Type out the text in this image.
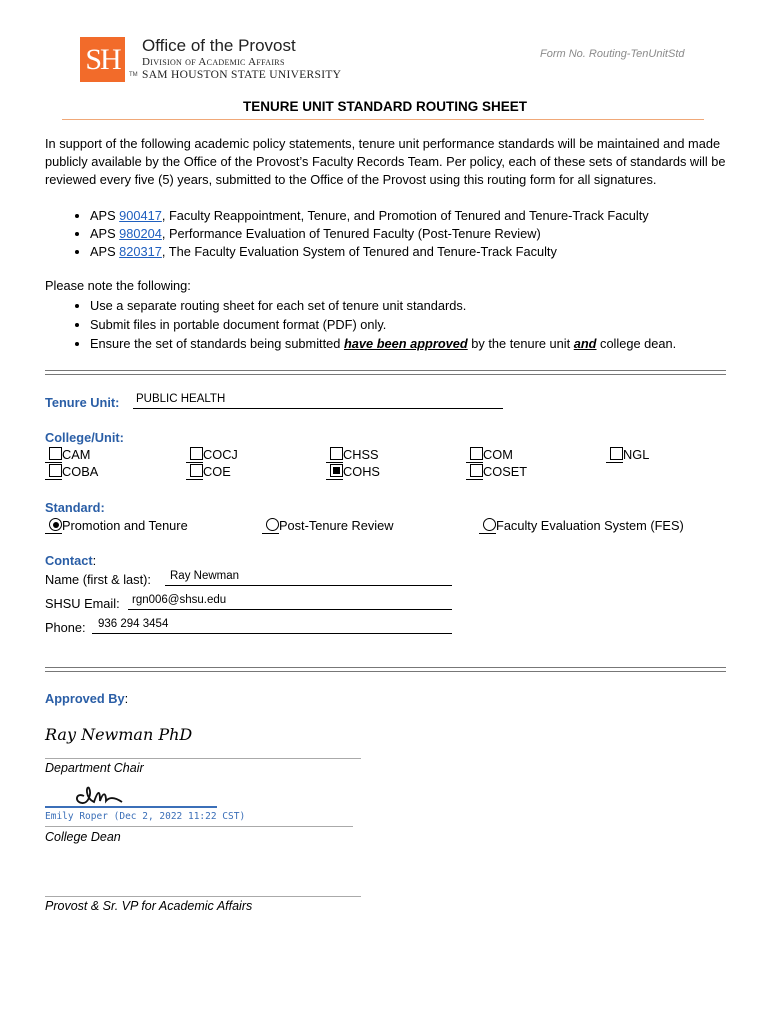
SH	TM
Office of the Provost
Division of Academic Affairs
SAM HOUSTON STATE UNIVERSITY
Form No. Routing-TenUnitStd
TENURE UNIT STANDARD ROUTING SHEET
In support of the following academic policy statements, tenure unit performance standards will be maintained and made publicly available by the Office of the Provost’s Faculty Records Team. Per policy, each of these sets of standards will be reviewed every five (5) years, submitted to the Office of the Provost using this routing form for all signatures.
• APS 900417, Faculty Reappointment, Tenure, and Promotion of Tenured and Tenure-Track Faculty
• APS 980204, Performance Evaluation of Tenured Faculty (Post-Tenure Review)
• APS 820317, The Faculty Evaluation System of Tenured and Tenure-Track Faculty
Please note the following:
• Use a separate routing sheet for each set of tenure unit standards.
• Submit files in portable document format (PDF) only.
• Ensure the set of standards being submitted have been approved by the tenure unit and college dean.
Tenure Unit: PUBLIC HEALTH
College/Unit:
CAM	COCJ	CHSS	COM	NGL
COBA	COE	COHS	COSET
Standard:
Promotion and Tenure	Post-Tenure Review	Faculty Evaluation System (FES)
Contact:
Name (first & last): Ray Newman
SHSU Email: rgn006@shsu.edu
Phone: 936 294 3454
Approved By:
Ray Newman PhD
Department Chair
Emily Roper (Dec 2, 2022 11:22 CST)
College Dean
Provost & Sr. VP for Academic Affairs
